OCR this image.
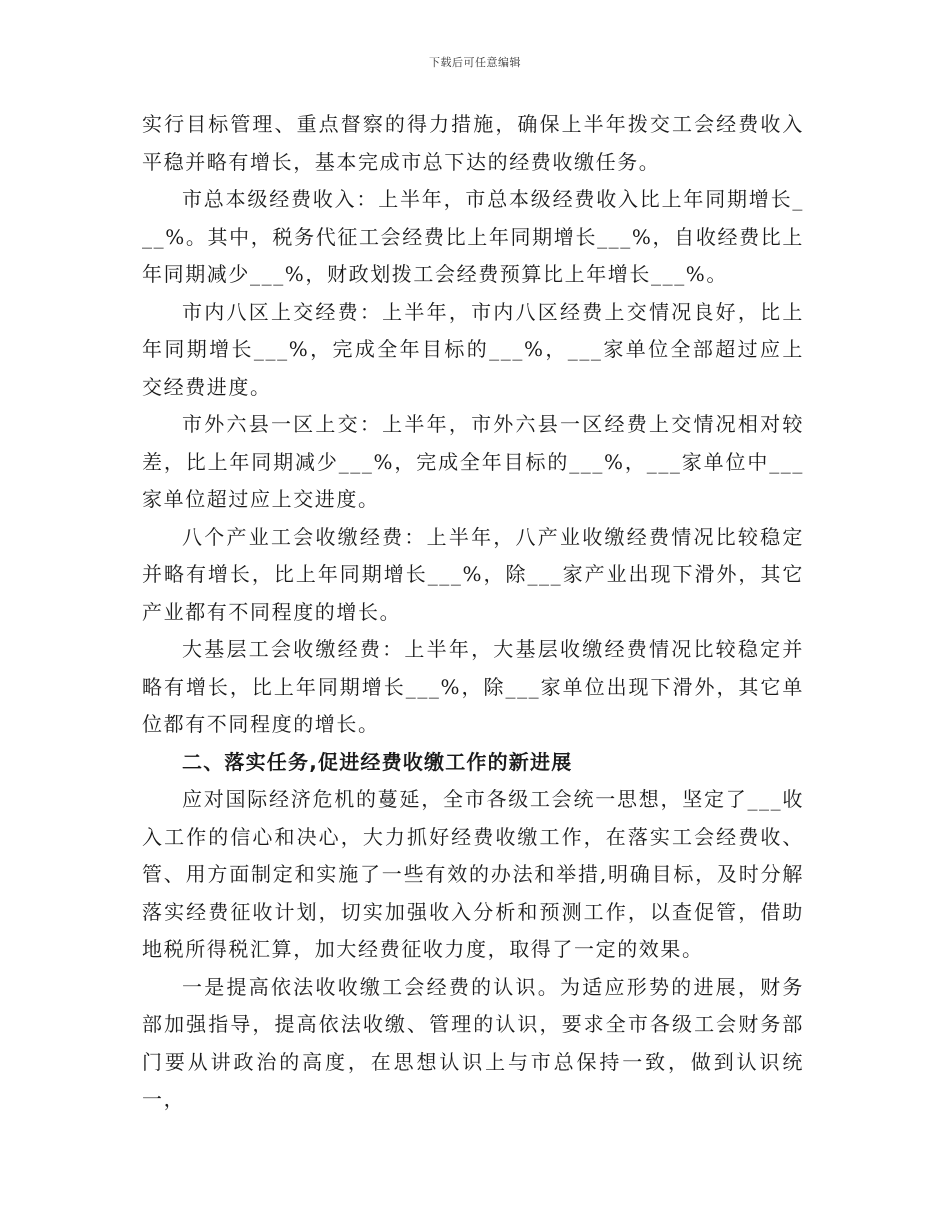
下载后可任意编辑

实行目标管理、重点督察的得力措施，确保上半年拨交工会经费收入平稳并略有增长，基本完成市总下达的经费收缴任务。

市总本级经费收入：上半年，市总本级经费收入比上年同期增长___%。其中，税务代征工会经费比上年同期增长___%，自收经费比上年同期减少___%，财政划拨工会经费预算比上年增长___%。

市内八区上交经费：上半年，市内八区经费上交情况良好，比上年同期增长___%，完成全年目标的___%，___家单位全部超过应上交经费进度。

市外六县一区上交：上半年，市外六县一区经费上交情况相对较差，比上年同期减少___%，完成全年目标的___%，___家单位中___家单位超过应上交进度。

八个产业工会收缴经费：上半年，八产业收缴经费情况比较稳定并略有增长，比上年同期增长___%，除___家产业出现下滑外，其它产业都有不同程度的增长。

大基层工会收缴经费：上半年，大基层收缴经费情况比较稳定并略有增长，比上年同期增长___%，除___家单位出现下滑外，其它单位都有不同程度的增长。

二、落实任务,促进经费收缴工作的新进展

应对国际经济危机的蔓延，全市各级工会统一思想，坚定了___收入工作的信心和决心，大力抓好经费收缴工作，在落实工会经费收、管、用方面制定和实施了一些有效的办法和举措,明确目标，及时分解落实经费征收计划，切实加强收入分析和预测工作，以查促管，借助地税所得税汇算，加大经费征收力度，取得了一定的效果。

一是提高依法收收缴工会经费的认识。为适应形势的进展，财务部加强指导，提高依法收缴、管理的认识，要求全市各级工会财务部门要从讲政治的高度，在思想认识上与市总保持一致，做到认识统一，
